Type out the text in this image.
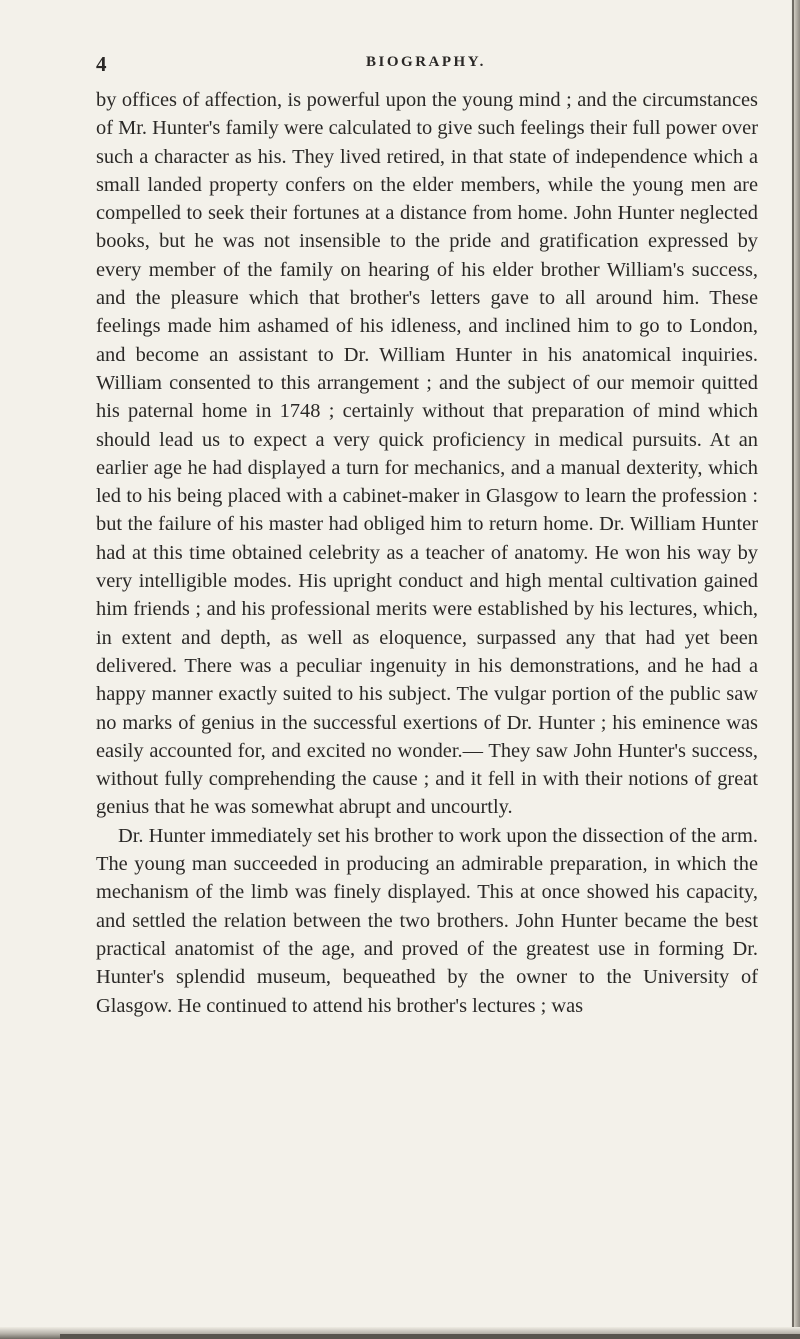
4	BIOGRAPHY.

by offices of affection, is powerful upon the young mind ; and the circumstances of Mr. Hunter's family were calculated to give such feelings their full power over such a character as his. They lived retired, in that state of independence which a small landed property confers on the elder members, while the young men are compelled to seek their fortunes at a distance from home. John Hunter neglected books, but he was not insensible to the pride and gratification expressed by every member of the family on hearing of his elder brother William's success, and the pleasure which that brother's letters gave to all around him. These feelings made him ashamed of his idleness, and inclined him to go to London, and become an assistant to Dr. William Hunter in his anatomical inquiries. William consented to this arrangement ; and the subject of our memoir quitted his paternal home in 1748 ; certainly without that preparation of mind which should lead us to expect a very quick proficiency in medical pursuits. At an earlier age he had displayed a turn for mechanics, and a manual dexterity, which led to his being placed with a cabinet-maker in Glasgow to learn the profession : but the failure of his master had obliged him to return home. Dr. William Hunter had at this time obtained celebrity as a teacher of anatomy. He won his way by very intelligible modes. His upright conduct and high mental cultivation gained him friends ; and his professional merits were established by his lectures, which, in extent and depth, as well as eloquence, surpassed any that had yet been delivered. There was a peculiar ingenuity in his demonstrations, and he had a happy manner exactly suited to his subject. The vulgar portion of the public saw no marks of genius in the successful exertions of Dr. Hunter ; his eminence was easily accounted for, and excited no wonder.— They saw John Hunter's success, without fully comprehending the cause ; and it fell in with their notions of great genius that he was somewhat abrupt and uncourtly.

Dr. Hunter immediately set his brother to work upon the dissection of the arm. The young man succeeded in producing an admirable preparation, in which the mechanism of the limb was finely displayed. This at once showed his capacity, and settled the relation between the two brothers. John Hunter became the best practical anatomist of the age, and proved of the greatest use in forming Dr. Hunter's splendid museum, bequeathed by the owner to the University of Glasgow. He continued to attend his brother's lectures ; was
